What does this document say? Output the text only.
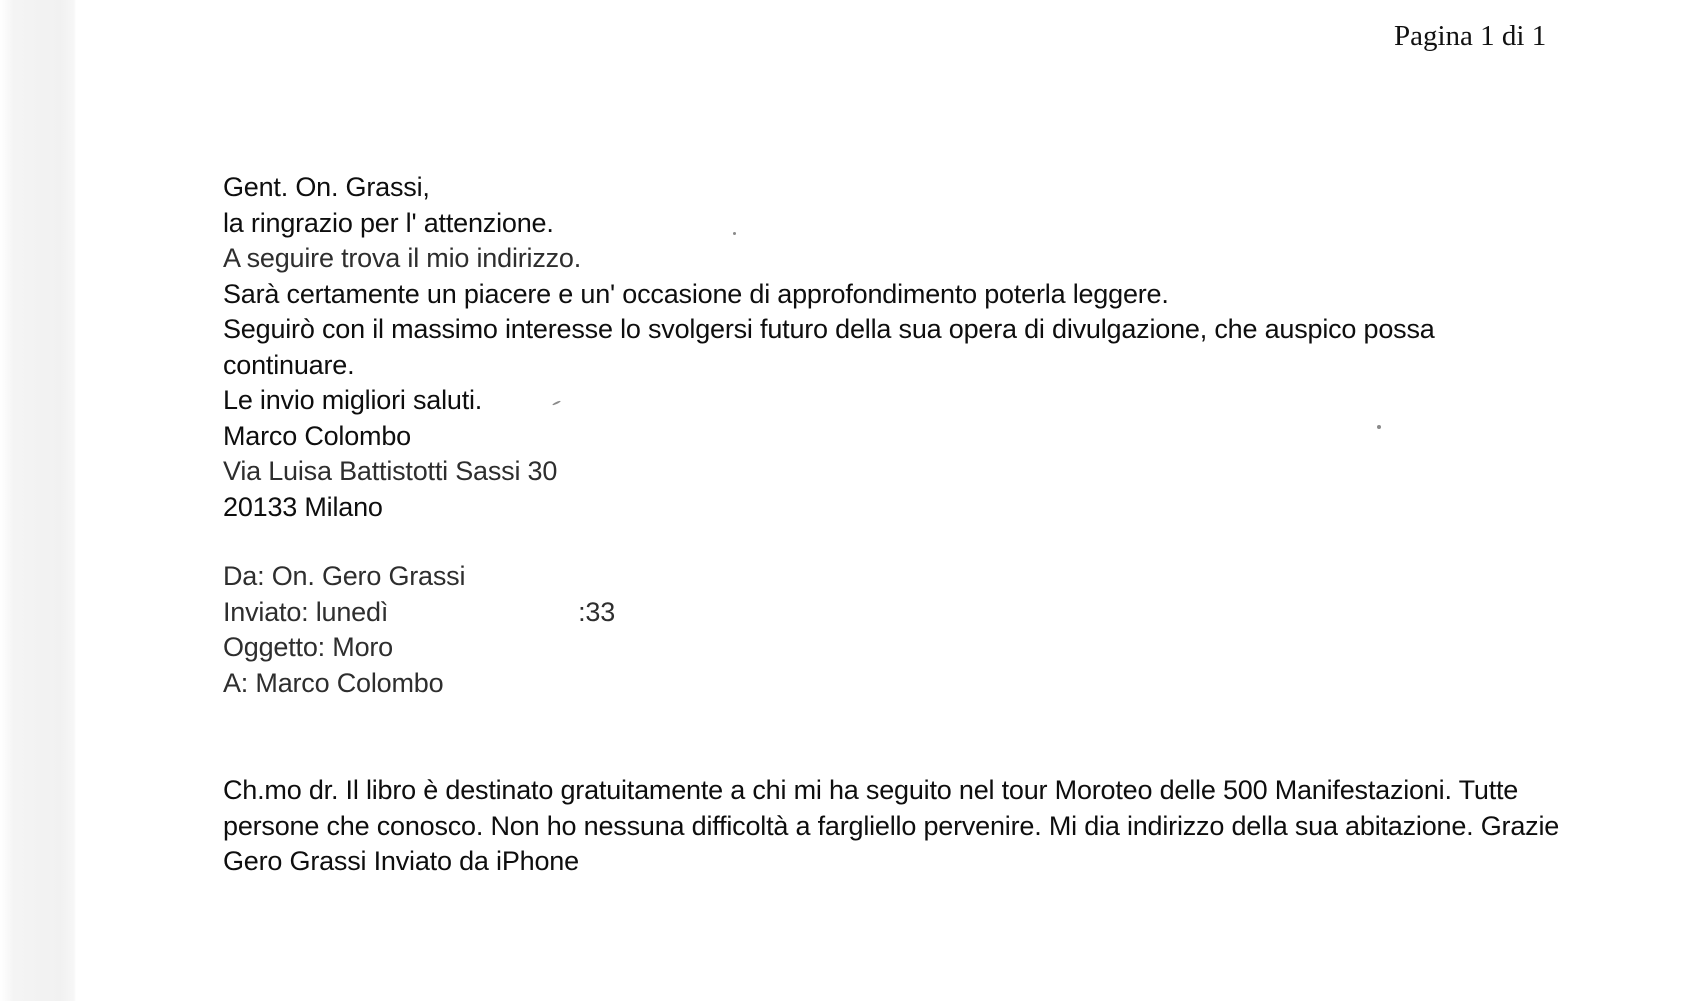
Pagina 1 di 1

Gent. On. Grassi,

la ringrazio per l' attenzione.

A seguire trova il mio indirizzo.

Sarà certamente un piacere e un' occasione di approfondimento poterla leggere.

Seguirò con il massimo interesse lo svolgersi futuro della sua opera di divulgazione, che auspico possa continuare.

Le invio migliori saluti.

Marco Colombo

Via Luisa Battistotti Sassi 30

20133 Milano

Da: On. Gero Grassi

Inviato: lunedì	:33

Oggetto: Moro

A: Marco Colombo

Ch.mo dr. Il libro è destinato gratuitamente a chi mi ha seguito nel tour Moroteo delle 500 Manifestazioni. Tutte persone che conosco. Non ho nessuna difficoltà a fargliello pervenire. Mi dia indirizzo della sua abitazione. Grazie Gero Grassi Inviato da iPhone
